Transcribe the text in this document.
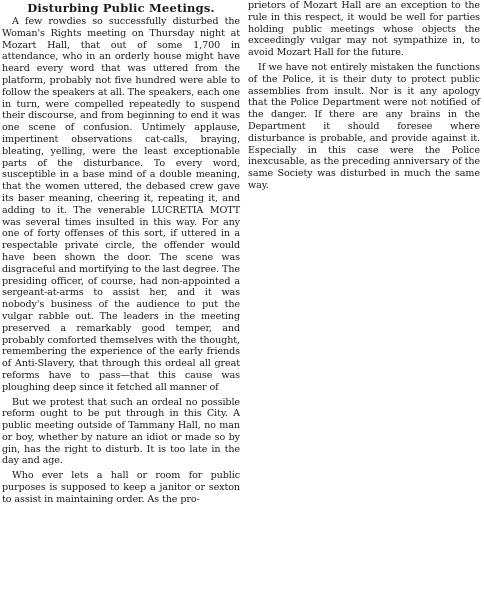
Disturbing Public Meetings.

A few rowdies so successfully disturbed the Woman's Rights meeting on Thursday night at Mozart Hall, that out of some 1,700 in attendance, who in an orderly house might have heard every word that was uttered from the platform, probably not five hundred were able to follow the speakers at all. The speakers, each one in turn, were compelled repeatedly to suspend their discourse, and from beginning to end it was one scene of confusion. Untimely applause, impertinent observations cat-calls, braying, bleating, yelling, were the least exceptionable parts of the disturbance. To every word, susceptible in a base mind of a double meaning, that the women uttered, the debased crew gave its baser meaning, cheering it, repeating it, and adding to it. The venerable LUCRETIA MOTT was several times insulted in this way. For any one of forty offenses of this sort, if uttered in a respectable private circle, the offender would have been shown the door. The scene was disgraceful and mortifying to the last degree. The presiding officer, of course, had non-appointed a sergeant-at-arms to assist her, and it was nobody's business of the audience to put the vulgar rabble out. The leaders in the meeting preserved a remarkably good temper, and probably comforted themselves with the thought, remembering the experience of the early friends of Anti-Slavery, that through this ordeal all great reforms have to pass—that this cause was ploughing deep since it fetched all manner of

But we protest that such an ordeal no possible reform ought to be put through in this City. A public meeting outside of Tammany Hall, no man or boy, whether by nature an idiot or made so by gin, has the right to disturb. It is too late in the day and age.

Who ever lets a hall or room for public purposes is supposed to keep a janitor or sexton to assist in maintaining order. As the pro-

prietors of Mozart Hall are an exception to the rule in this respect, it would be well for parties holding public meetings whose objects the exceedingly vulgar may not sympathize in, to avoid Mozart Hall for the future.

If we have not entirely mistaken the functions of the Police, it is their duty to protect public assemblies from insult. Nor is it any apology that the Police Department were not notified of the danger. If there are any brains in the Department it should foresee where disturbance is probable, and provide against it. Especially in this case were the Police inexcusable, as the preceding anniversary of the same Society was disturbed in much the same way.
